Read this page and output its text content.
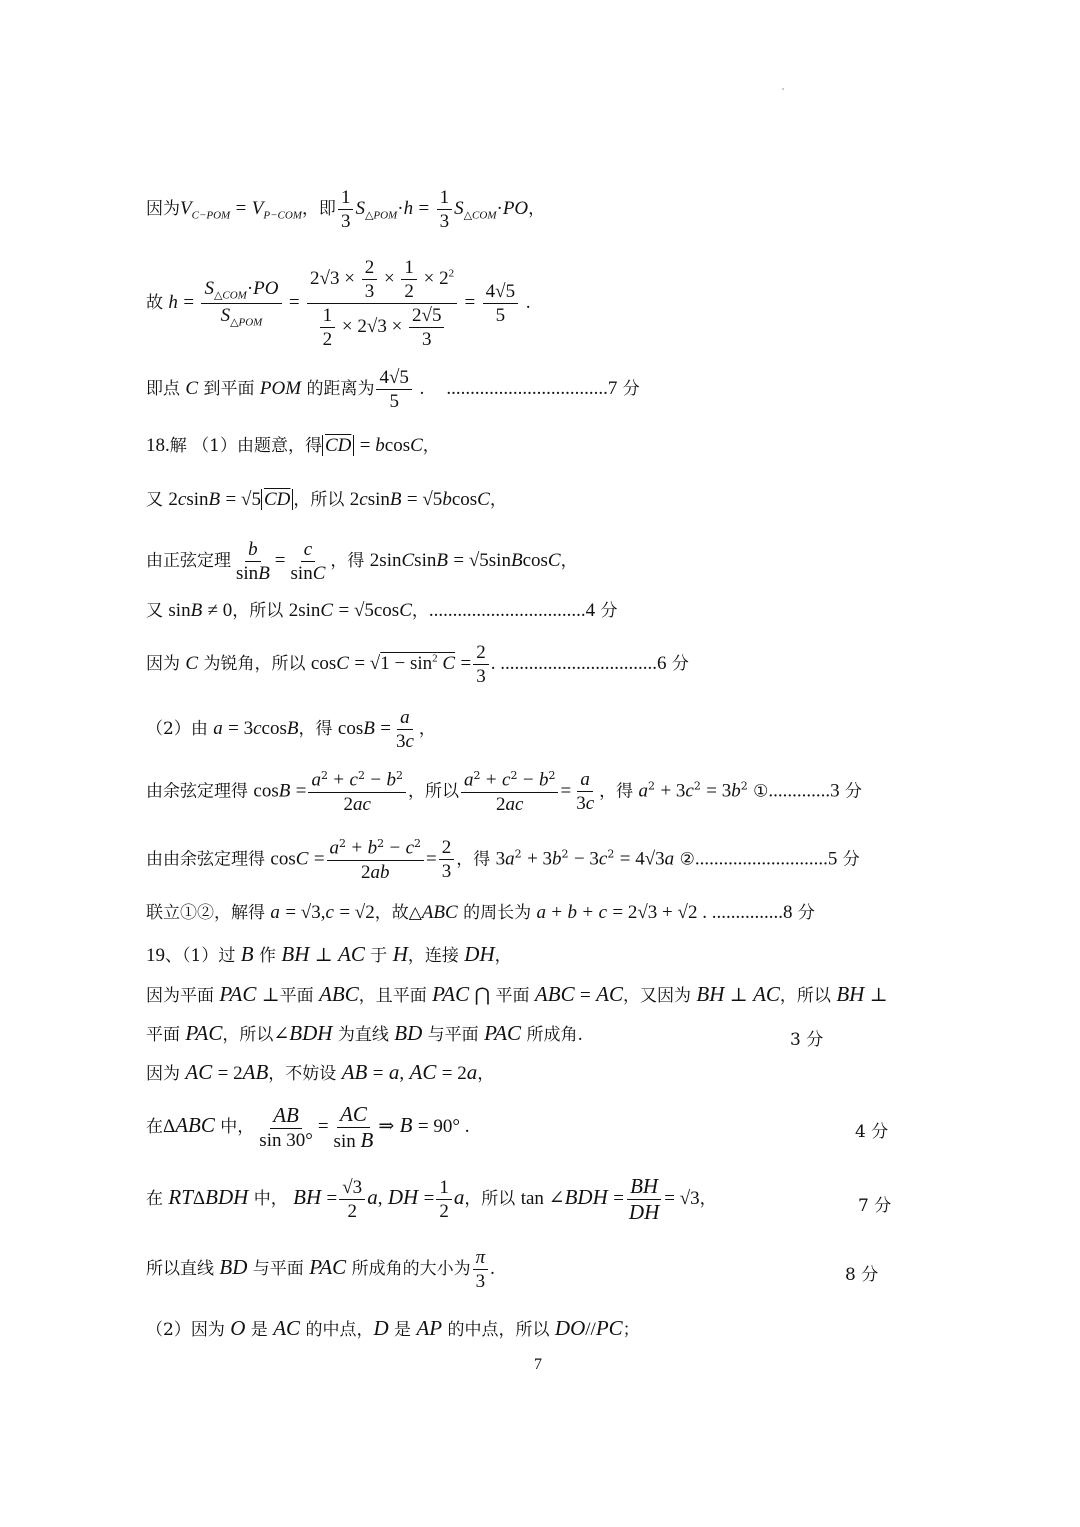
因为$V_{C-POM} = V_{P-COM}$，即 $\frac{1}{3} S_{\triangle POM}\cdot h = \frac{1}{3} S_{\triangle COM}\cdot PO$，
故 $h = \frac{S_{\triangle COM}\cdot PO}{S_{\triangle POM}} = \frac{2√3 \times \frac{2}{3} \times \frac{1}{2} \times 2^2}{\frac{1}{2} \times 2√3 \times \frac{2√5}{3}} = \frac{4√5}{5}$ .
即点 C 到平面 POM 的距离为 $\frac{4√5}{5}$ .    ..................................7 分
18.解 （1）由题意，得 $\overline{CD} = bcosC$，
又 2csinB = √5 $\overline{CD}$ ，所以 2csinB = √5bcosC，
由正弦定理 $\frac{b}{\sin B} = \frac{c}{\sin C}$ ，得 2sinCsinB = √5sinBcosC，
又 sinB ≠ 0，所以 2sinC = √5cosC，.................................4 分
因为 C 为锐角，所以 $\cos C = √1 - \sin^2 C = \frac{2}{3}$ . .................................6 分
（2）由 a = 3ccosB，得 $\cos B = \frac{a}{3c}$ ，
由余弦定理得 $\cos B = \frac{a^2 + c^2 - b^2}{2ac}$ ，所以 $\frac{a^2 + c^2 - b^2}{2ac} = \frac{a}{3c}$ ，得 $a^2 + 3c^2 = 3b^2$ ①.............3 分
由由余弦定理得 $\cos C = \frac{a^2 + b^2 - c^2}{2ab} = \frac{2}{3}$ ，得 $3a^2 + 3b^2 - 3c^2 = 4√3a$ ②............................5 分
联立①②，解得 a = √3,c = √2，故△ABC 的周长为 a + b + c = 2√3 + √2 . ...............8 分
19、（1）过 B 作 BH ⊥ AC 于 H，连接 DH，
因为平面 PAC ⊥平面 ABC，且平面 PAC ⋂ 平面 ABC = AC，又因为 BH ⊥ AC，所以 BH ⊥
平面 PAC，所以∠BDH 为直线 BD 与平面 PAC 所成角.	3 分
因为 AC = 2AB，不妨设 AB = a, AC = 2a，
在ΔABC 中， $\frac{AB}{\sin 30^\circ} = \frac{AC}{\text{sin B}}$ ⇒ B = 90° .	4 分
在 RTΔBDH 中， BH = $\frac{√3}{2} a$, DH = $\frac{1}{2}$ a，所以 tan ∠BDH = $\frac{BH}{DH} = √3$，	7 分
所以直线 BD 与平面 PAC 所成角的大小为 $\frac{\pi}{3}$ .	8 分
（2）因为 O 是 AC 的中点，D 是 AP 的中点，所以 DO//PC；
7
